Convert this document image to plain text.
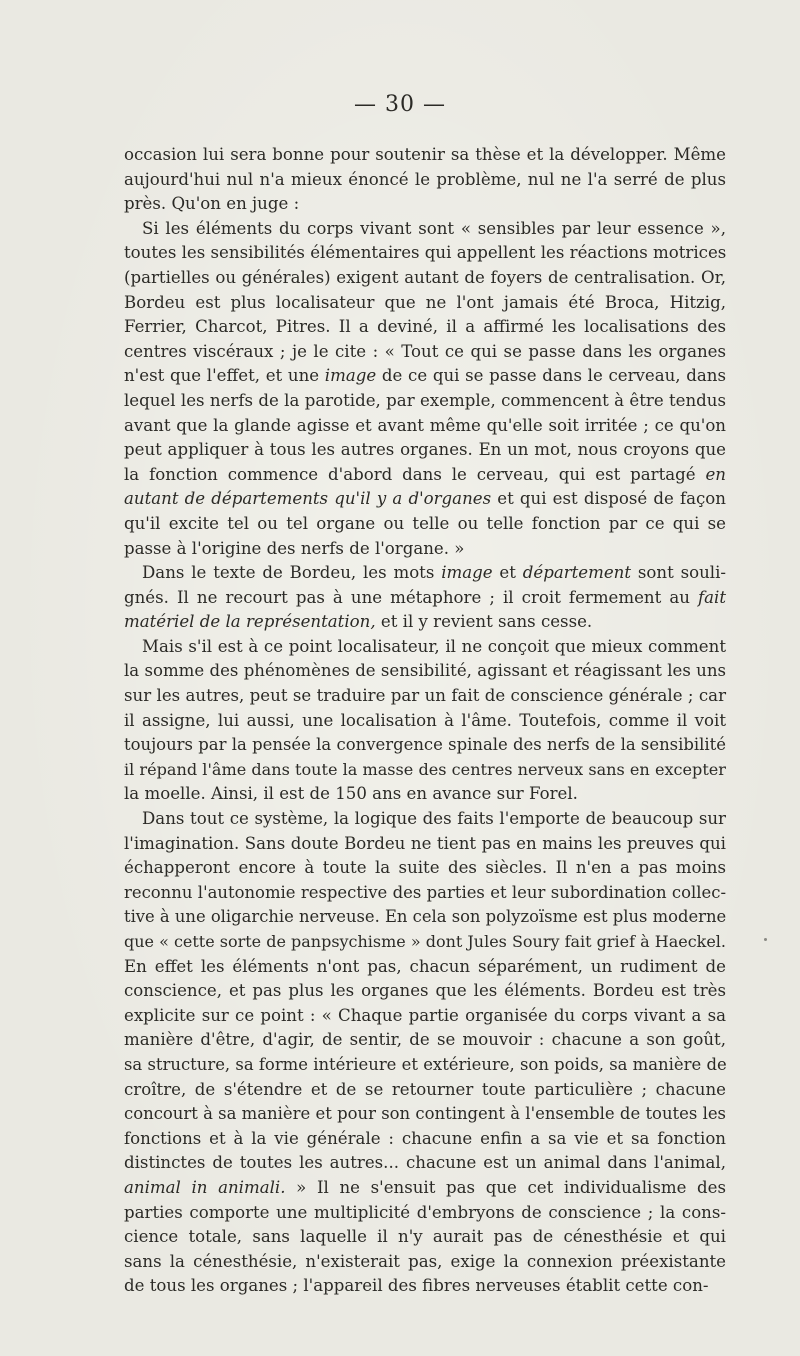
— 30 —
occasion lui sera bonne pour soutenir sa thèse et la développer. Même
aujourd'hui nul n'a mieux énoncé le problème, nul ne l'a serré de plus
près. Qu'on en juge :
Si les éléments du corps vivant sont « sensibles par leur essence »,
toutes les sensibilités élémentaires qui appellent les réactions motrices
(partielles ou générales) exigent autant de foyers de centralisation. Or,
Bordeu est plus localisateur que ne l'ont jamais été Broca, Hitzig,
Ferrier, Charcot, Pitres. Il a deviné, il a affirmé les localisations des
centres viscéraux ; je le cite : « Tout ce qui se passe dans les organes
n'est que l'effet, et une image de ce qui se passe dans le cerveau, dans
lequel les nerfs de la parotide, par exemple, commencent à être tendus
avant que la glande agisse et avant même qu'elle soit irritée ; ce qu'on
peut appliquer à tous les autres organes. En un mot, nous croyons que
la fonction commence d'abord dans le cerveau, qui est partagé en
autant de départements qu'il y a d'organes et qui est disposé de façon
qu'il excite tel ou tel organe ou telle ou telle fonction par ce qui se
passe à l'origine des nerfs de l'organe. »
Dans le texte de Bordeu, les mots image et département sont souli-
gnés. Il ne recourt pas à une métaphore ; il croit fermement au fait
matériel de la représentation, et il y revient sans cesse.
Mais s'il est à ce point localisateur, il ne conçoit que mieux comment
la somme des phénomènes de sensibilité, agissant et réagissant les uns
sur les autres, peut se traduire par un fait de conscience générale ; car
il assigne, lui aussi, une localisation à l'âme. Toutefois, comme il voit
toujours par la pensée la convergence spinale des nerfs de la sensibilité
il répand l'âme dans toute la masse des centres nerveux sans en excepter
la moelle. Ainsi, il est de 150 ans en avance sur Forel.
Dans tout ce système, la logique des faits l'emporte de beaucoup sur
l'imagination. Sans doute Bordeu ne tient pas en mains les preuves qui
échapperont encore à toute la suite des siècles. Il n'en a pas moins
reconnu l'autonomie respective des parties et leur subordination collec-
tive à une oligarchie nerveuse. En cela son polyzoïsme est plus moderne
que « cette sorte de panpsychisme » dont Jules Soury fait grief à Haeckel.
En effet les éléments n'ont pas, chacun séparément, un rudiment de
conscience, et pas plus les organes que les éléments. Bordeu est très
explicite sur ce point : « Chaque partie organisée du corps vivant a sa
manière d'être, d'agir, de sentir, de se mouvoir : chacune a son goût,
sa structure, sa forme intérieure et extérieure, son poids, sa manière de
croître, de s'étendre et de se retourner toute particulière ; chacune
concourt à sa manière et pour son contingent à l'ensemble de toutes les
fonctions et à la vie générale : chacune enfin a sa vie et sa fonction
distinctes de toutes les autres... chacune est un animal dans l'animal,
animal in animali. » Il ne s'ensuit pas que cet individualisme des
parties comporte une multiplicité d'embryons de conscience ; la cons-
cience totale, sans laquelle il n'y aurait pas de cénesthésie et qui
sans la cénesthésie, n'existerait pas, exige la connexion préexistante
de tous les organes ; l'appareil des fibres nerveuses établit cette con-
